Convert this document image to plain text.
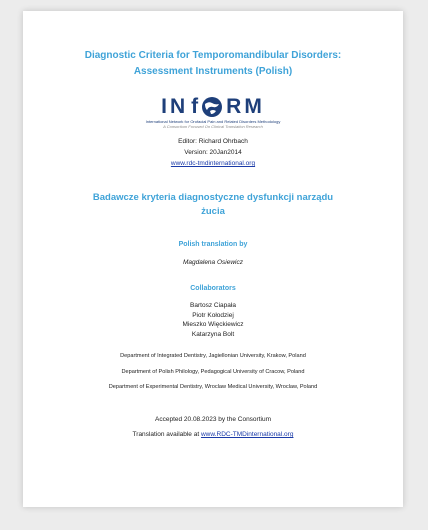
Diagnostic Criteria for Temporomandibular Disorders:
Assessment Instruments (Polish)
IN f RM
International Network for Orofacial Pain and Related Disorders Methodology
A Consortium Focused On Clinical Translation Research
Editor: Richard Ohrbach
Version: 20Jan2014
www.rdc-tmdinternational.org
Badawcze kryteria diagnostyczne dysfunkcji narządu żucia
Polish translation by
Magdalena Osiewicz
Collaborators
Bartosz Ciapała
Piotr Kołodziej
Mieszko Więckiewicz
Katarzyna Bolt
Department of Integrated Dentistry, Jagiellonian University, Krakow, Poland
Department of Polish Philology, Pedagogical University of Cracow, Poland
Department of Experimental Dentistry, Wroclaw Medical University, Wroclaw, Poland
Accepted 20.08.2023 by the Consortium
Translation available at www.RDC-TMDinternational.org
